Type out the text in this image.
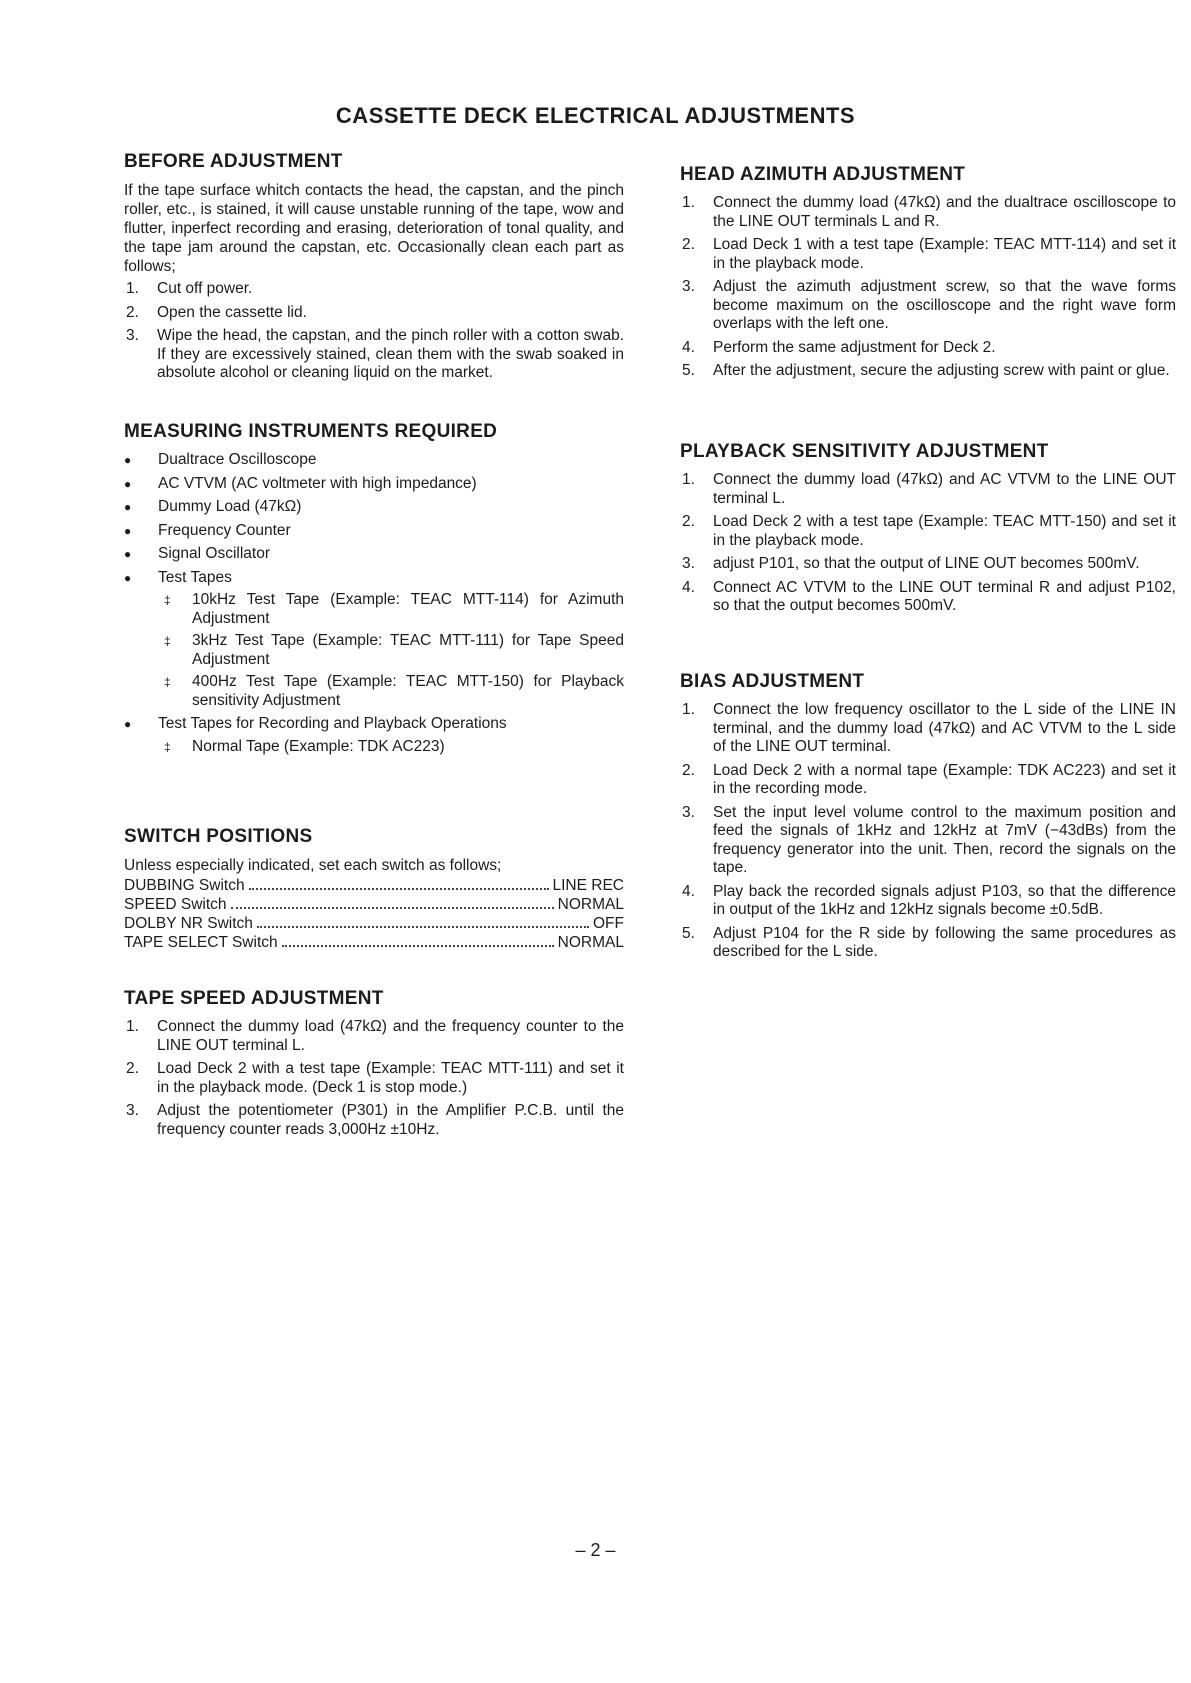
CASSETTE DECK ELECTRICAL ADJUSTMENTS
BEFORE ADJUSTMENT

If the tape surface whitch contacts the head, the capstan, and the pinch roller, etc., is stained, it will cause unstable running of the tape, wow and flutter, inperfect recording and erasing, deterioration of tonal quality, and the tape jam around the capstan, etc. Occasionally clean each part as follows;

1. Cut off power.
2. Open the cassette lid.
3. Wipe the head, the capstan, and the pinch roller with a cotton swab. If they are excessively stained, clean them with the swab soaked in absolute alcohol or cleaning liquid on the market.
MEASURING INSTRUMENTS REQUIRED
● Dualtrace Oscilloscope
● AC VTVM (AC voltmeter with high impedance)
● Dummy Load (47kΩ)
● Frequency Counter
● Signal Oscillator
● Test Tapes
‡ 10kHz Test Tape (Example: TEAC MTT-114) for Azimuth Adjustment
‡ 3kHz Test Tape (Example: TEAC MTT-111) for Tape Speed Adjustment
‡ 400Hz Test Tape (Example: TEAC MTT-150) for Playback sensitivity Adjustment
● Test Tapes for Recording and Playback Operations
‡ Normal Tape (Example: TDK AC223)
SWITCH POSITIONS

Unless especially indicated, set each switch as follows;

DUBBING Switch	LINE REC
SPEED Switch	NORMAL
DOLBY NR Switch	OFF
TAPE SELECT Switch	NORMAL
TAPE SPEED ADJUSTMENT
1. Connect the dummy load (47kΩ) and the frequency counter to the LINE OUT terminal L.
2. Load Deck 2 with a test tape (Example: TEAC MTT-111) and set it in the playback mode. (Deck 1 is stop mode.)
3. Adjust the potentiometer (P301) in the Amplifier P.C.B. until the frequency counter reads 3,000Hz ±10Hz.
HEAD AZIMUTH ADJUSTMENT
1. Connect the dummy load (47kΩ) and the dualtrace oscilloscope to the LINE OUT terminals L and R.
2. Load Deck 1 with a test tape (Example: TEAC MTT-114) and set it in the playback mode.
3. Adjust the azimuth adjustment screw, so that the wave forms become maximum on the oscilloscope and the right wave form overlaps with the left one.
4. Perform the same adjustment for Deck 2.
5. After the adjustment, secure the adjusting screw with paint or glue.
PLAYBACK SENSITIVITY ADJUSTMENT
1. Connect the dummy load (47kΩ) and AC VTVM to the LINE OUT terminal L.
2. Load Deck 2 with a test tape (Example: TEAC MTT-150) and set it in the playback mode.
3. adjust P101, so that the output of LINE OUT becomes 500mV.
4. Connect AC VTVM to the LINE OUT terminal R and adjust P102, so that the output becomes 500mV.
BIAS ADJUSTMENT
1. Connect the low frequency oscillator to the L side of the LINE IN terminal, and the dummy load (47kΩ) and AC VTVM to the L side of the LINE OUT terminal.
2. Load Deck 2 with a normal tape (Example: TDK AC223) and set it in the recording mode.
3. Set the input level volume control to the maximum position and feed the signals of 1kHz and 12kHz at 7mV (−43dBs) from the frequency generator into the unit. Then, record the signals on the tape.
4. Play back the recorded signals adjust P103, so that the difference in output of the 1kHz and 12kHz signals become ±0.5dB.
5. Adjust P104 for the R side by following the same procedures as described for the L side.
– 2 –
